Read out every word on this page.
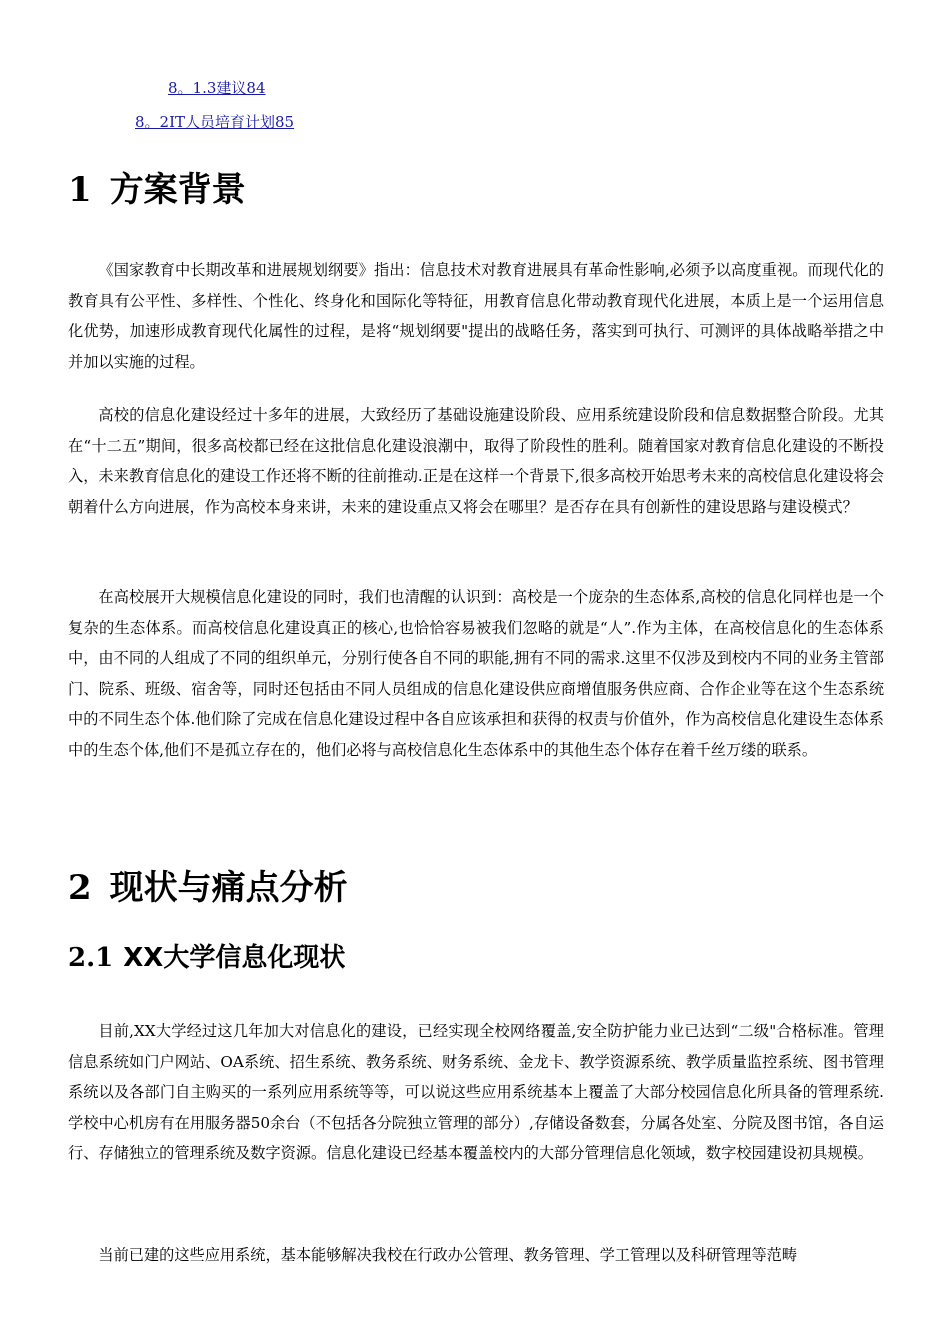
8。1.3建议84
8。2IT人员培育计划85
1 方案背景

《国家教育中长期改革和进展规划纲要》指出：信息技术对教育进展具有革命性影响,必须予以高度重视。而现代化的教育具有公平性、多样性、个性化、终身化和国际化等特征，用教育信息化带动教育现代化进展，本质上是一个运用信息化优势，加速形成教育现代化属性的过程，是将“规划纲要"提出的战略任务，落实到可执行、可测评的具体战略举措之中并加以实施的过程。

高校的信息化建设经过十多年的进展，大致经历了基础设施建设阶段、应用系统建设阶段和信息数据整合阶段。尤其在“十二五”期间，很多高校都已经在这批信息化建设浪潮中，取得了阶段性的胜利。随着国家对教育信息化建设的不断投入，未来教育信息化的建设工作还将不断的往前推动.正是在这样一个背景下,很多高校开始思考未来的高校信息化建设将会朝着什么方向进展，作为高校本身来讲，未来的建设重点又将会在哪里？是否存在具有创新性的建设思路与建设模式？

在高校展开大规模信息化建设的同时，我们也清醒的认识到：高校是一个庞杂的生态体系,高校的信息化同样也是一个复杂的生态体系。而高校信息化建设真正的核心,也恰恰容易被我们忽略的就是“人”.作为主体，在高校信息化的生态体系中，由不同的人组成了不同的组织单元，分别行使各自不同的职能,拥有不同的需求.这里不仅涉及到校内不同的业务主管部门、院系、班级、宿舍等，同时还包括由不同人员组成的信息化建设供应商增值服务供应商、合作企业等在这个生态系统中的不同生态个体.他们除了完成在信息化建设过程中各自应该承担和获得的权责与价值外，作为高校信息化建设生态体系中的生态个体,他们不是孤立存在的，他们必将与高校信息化生态体系中的其他生态个体存在着千丝万缕的联系。

2 现状与痛点分析
2.1 XX大学信息化现状

目前,XX大学经过这几年加大对信息化的建设，已经实现全校网络覆盖,安全防护能力业已达到“二级"合格标准。管理信息系统如门户网站、OA系统、招生系统、教务系统、财务系统、金龙卡、教学资源系统、教学质量监控系统、图书管理系统以及各部门自主购买的一系列应用系统等等，可以说这些应用系统基本上覆盖了大部分校园信息化所具备的管理系统.学校中心机房有在用服务器50余台（不包括各分院独立管理的部分）,存储设备数套，分属各处室、分院及图书馆，各自运行、存储独立的管理系统及数字资源。信息化建设已经基本覆盖校内的大部分管理信息化领域，数字校园建设初具规模。

当前已建的这些应用系统，基本能够解决我校在行政办公管理、教务管理、学工管理以及科研管理等范畴
